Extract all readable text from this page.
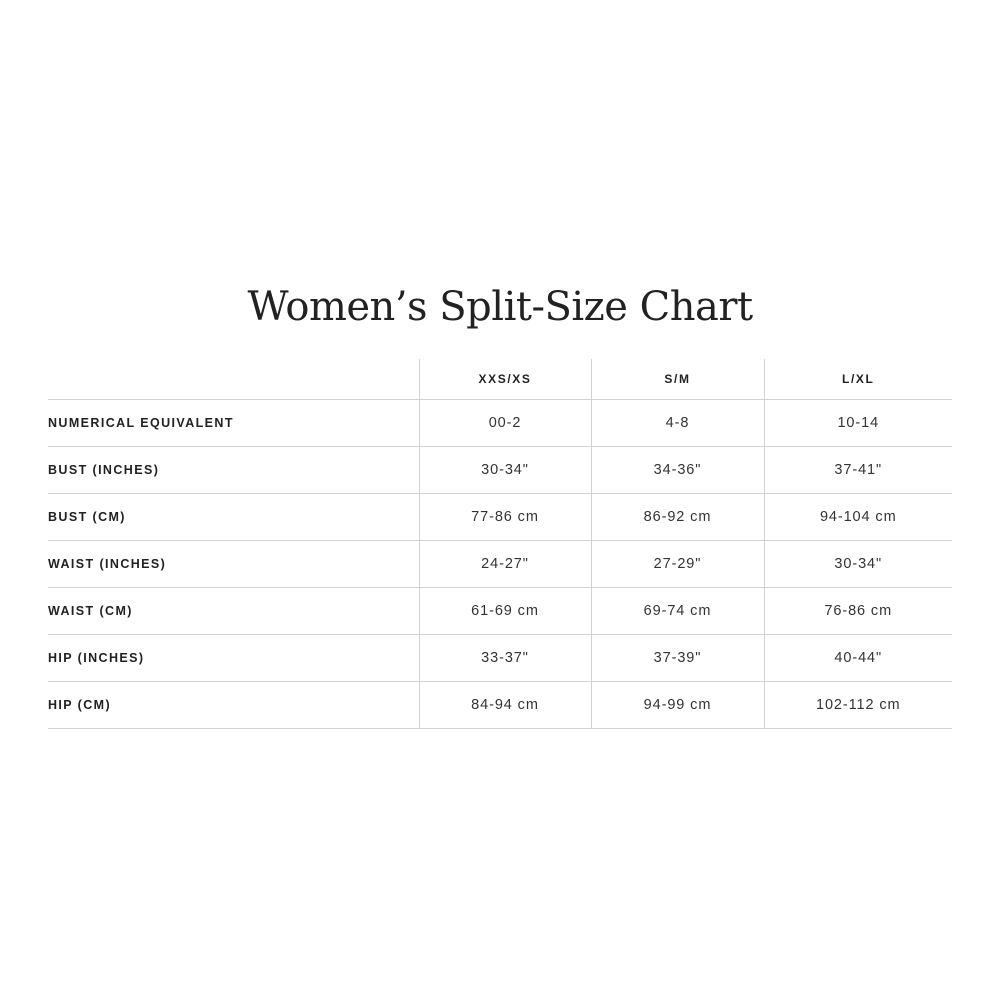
Women’s Split-Size Chart
	XXS/XS	S/M	L/XL
NUMERICAL EQUIVALENT	00-2	4-8	10-14
BUST (INCHES)	30-34"	34-36"	37-41"
BUST (CM)	77-86 cm	86-92 cm	94-104 cm
WAIST (INCHES)	24-27"	27-29"	30-34"
WAIST (CM)	61-69 cm	69-74 cm	76-86 cm
HIP (INCHES)	33-37"	37-39"	40-44"
HIP (CM)	84-94 cm	94-99 cm	102-112 cm
